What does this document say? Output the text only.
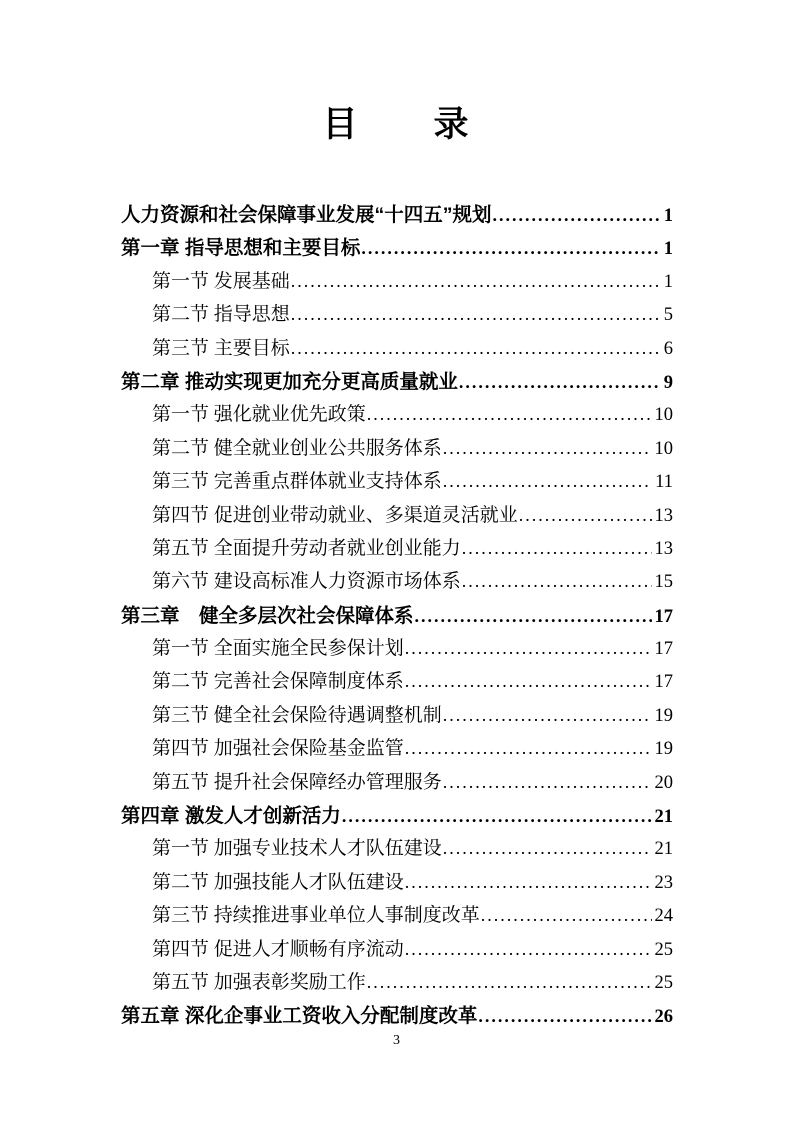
目　　录
人力资源和社会保障事业发展“十四五”规划 .....	1
第一章 指导思想和主要目标 .....	1
第一节 发展基础 .....	1
第二节 指导思想 .....	5
第三节 主要目标 .....	6
第二章 推动实现更加充分更高质量就业 .....	9
第一节 强化就业优先政策 .....	10
第二节 健全就业创业公共服务体系 .....	10
第三节 完善重点群体就业支持体系 .....	11
第四节 促进创业带动就业、多渠道灵活就业 .....	13
第五节 全面提升劳动者就业创业能力 .....	13
第六节 建设高标准人力资源市场体系 .....	15
第三章　健全多层次社会保障体系 .....	17
第一节 全面实施全民参保计划 .....	17
第二节 完善社会保障制度体系 .....	17
第三节 健全社会保险待遇调整机制 .....	19
第四节 加强社会保险基金监管 .....	19
第五节 提升社会保障经办管理服务 .....	20
第四章 激发人才创新活力 .....	21
第一节 加强专业技术人才队伍建设 .....	21
第二节 加强技能人才队伍建设 .....	23
第三节 持续推进事业单位人事制度改革 .....	24
第四节 促进人才顺畅有序流动 .....	25
第五节 加强表彰奖励工作 .....	25
第五章 深化企事业工资收入分配制度改革 .....	26
3
